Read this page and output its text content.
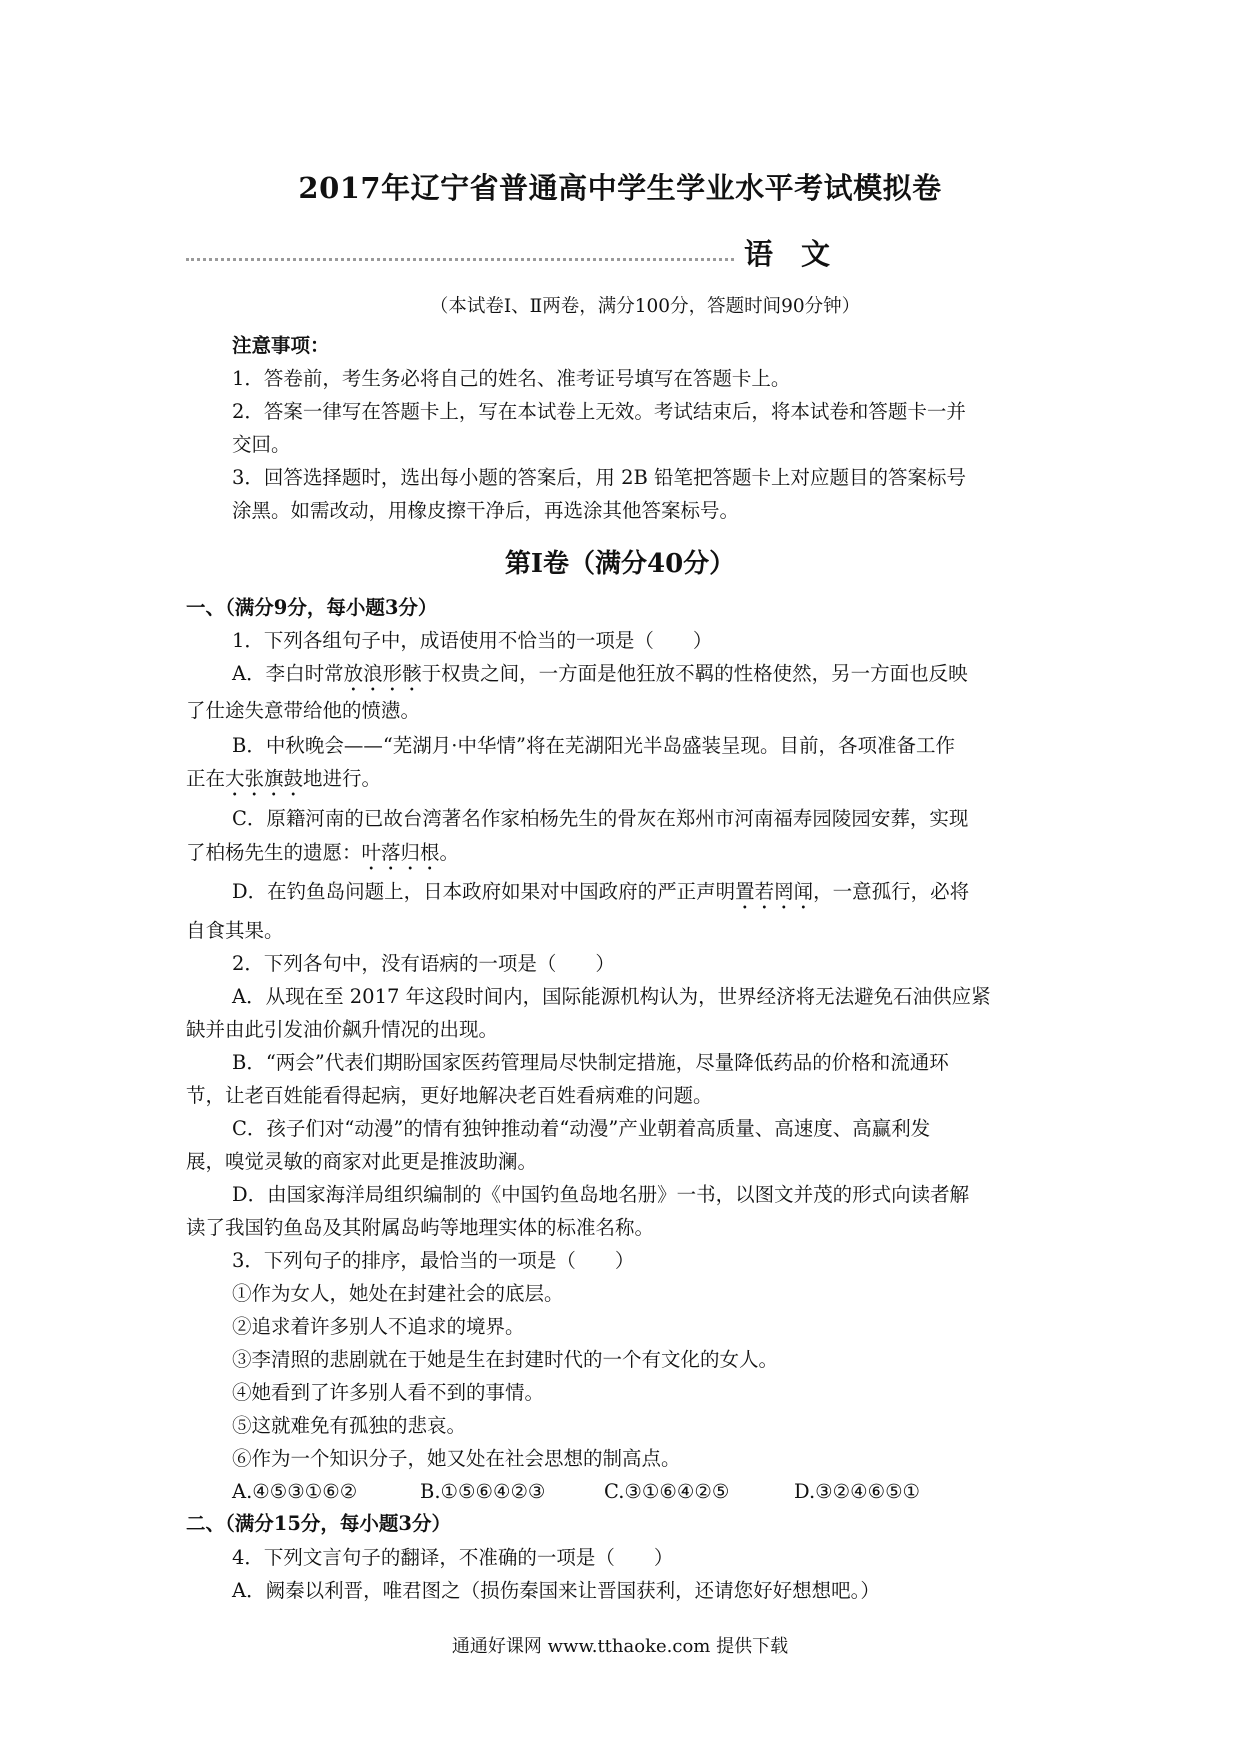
2017年辽宁省普通高中学生学业水平考试模拟卷
语文
（本试卷Ⅰ、Ⅱ两卷，满分100分，答题时间90分钟）
注意事项：
1．答卷前，考生务必将自己的姓名、准考证号填写在答题卡上。
2．答案一律写在答题卡上，写在本试卷上无效。考试结束后，将本试卷和答题卡一并
交回。
3．回答选择题时，选出每小题的答案后，用 2B 铅笔把答题卡上对应题目的答案标号
涂黑。如需改动，用橡皮擦干净后，再选涂其他答案标号。
第Ⅰ卷（满分40分）
一、（满分9分，每小题3分）
1．下列各组句子中，成语使用不恰当的一项是（　　）
A．李白时常放浪形骸于权贵之间，一方面是他狂放不羁的性格使然，另一方面也反映
了仕途失意带给他的愤懑。
B．中秋晚会——“芜湖月·中华情”将在芜湖阳光半岛盛装呈现。目前，各项准备工作
正在大张旗鼓地进行。
C．原籍河南的已故台湾著名作家柏杨先生的骨灰在郑州市河南福寿园陵园安葬，实现
了柏杨先生的遗愿：叶落归根。
D．在钓鱼岛问题上，日本政府如果对中国政府的严正声明置若罔闻，一意孤行，必将
自食其果。
2．下列各句中，没有语病的一项是（　　）
A．从现在至 2017 年这段时间内，国际能源机构认为，世界经济将无法避免石油供应紧
缺并由此引发油价飙升情况的出现。
B．“两会”代表们期盼国家医药管理局尽快制定措施，尽量降低药品的价格和流通环
节，让老百姓能看得起病，更好地解决老百姓看病难的问题。
C．孩子们对“动漫”的情有独钟推动着“动漫”产业朝着高质量、高速度、高赢利发
展，嗅觉灵敏的商家对此更是推波助澜。
D．由国家海洋局组织编制的《中国钓鱼岛地名册》一书，以图文并茂的形式向读者解
读了我国钓鱼岛及其附属岛屿等地理实体的标准名称。
3．下列句子的排序，最恰当的一项是（　　）
①作为女人，她处在封建社会的底层。
②追求着许多别人不追求的境界。
③李清照的悲剧就在于她是生在封建时代的一个有文化的女人。
④她看到了许多别人看不到的事情。
⑤这就难免有孤独的悲哀。
⑥作为一个知识分子，她又处在社会思想的制高点。
A.④⑤③①⑥②	B.①⑤⑥④②③	C.③①⑥④②⑤	D.③②④⑥⑤①
二、（满分15分，每小题3分）
4．下列文言句子的翻译，不准确的一项是（　　）
A．阙秦以利晋，唯君图之（损伤秦国来让晋国获利，还请您好好想想吧。）
通通好课网 www.tthaoke.com 提供下载
